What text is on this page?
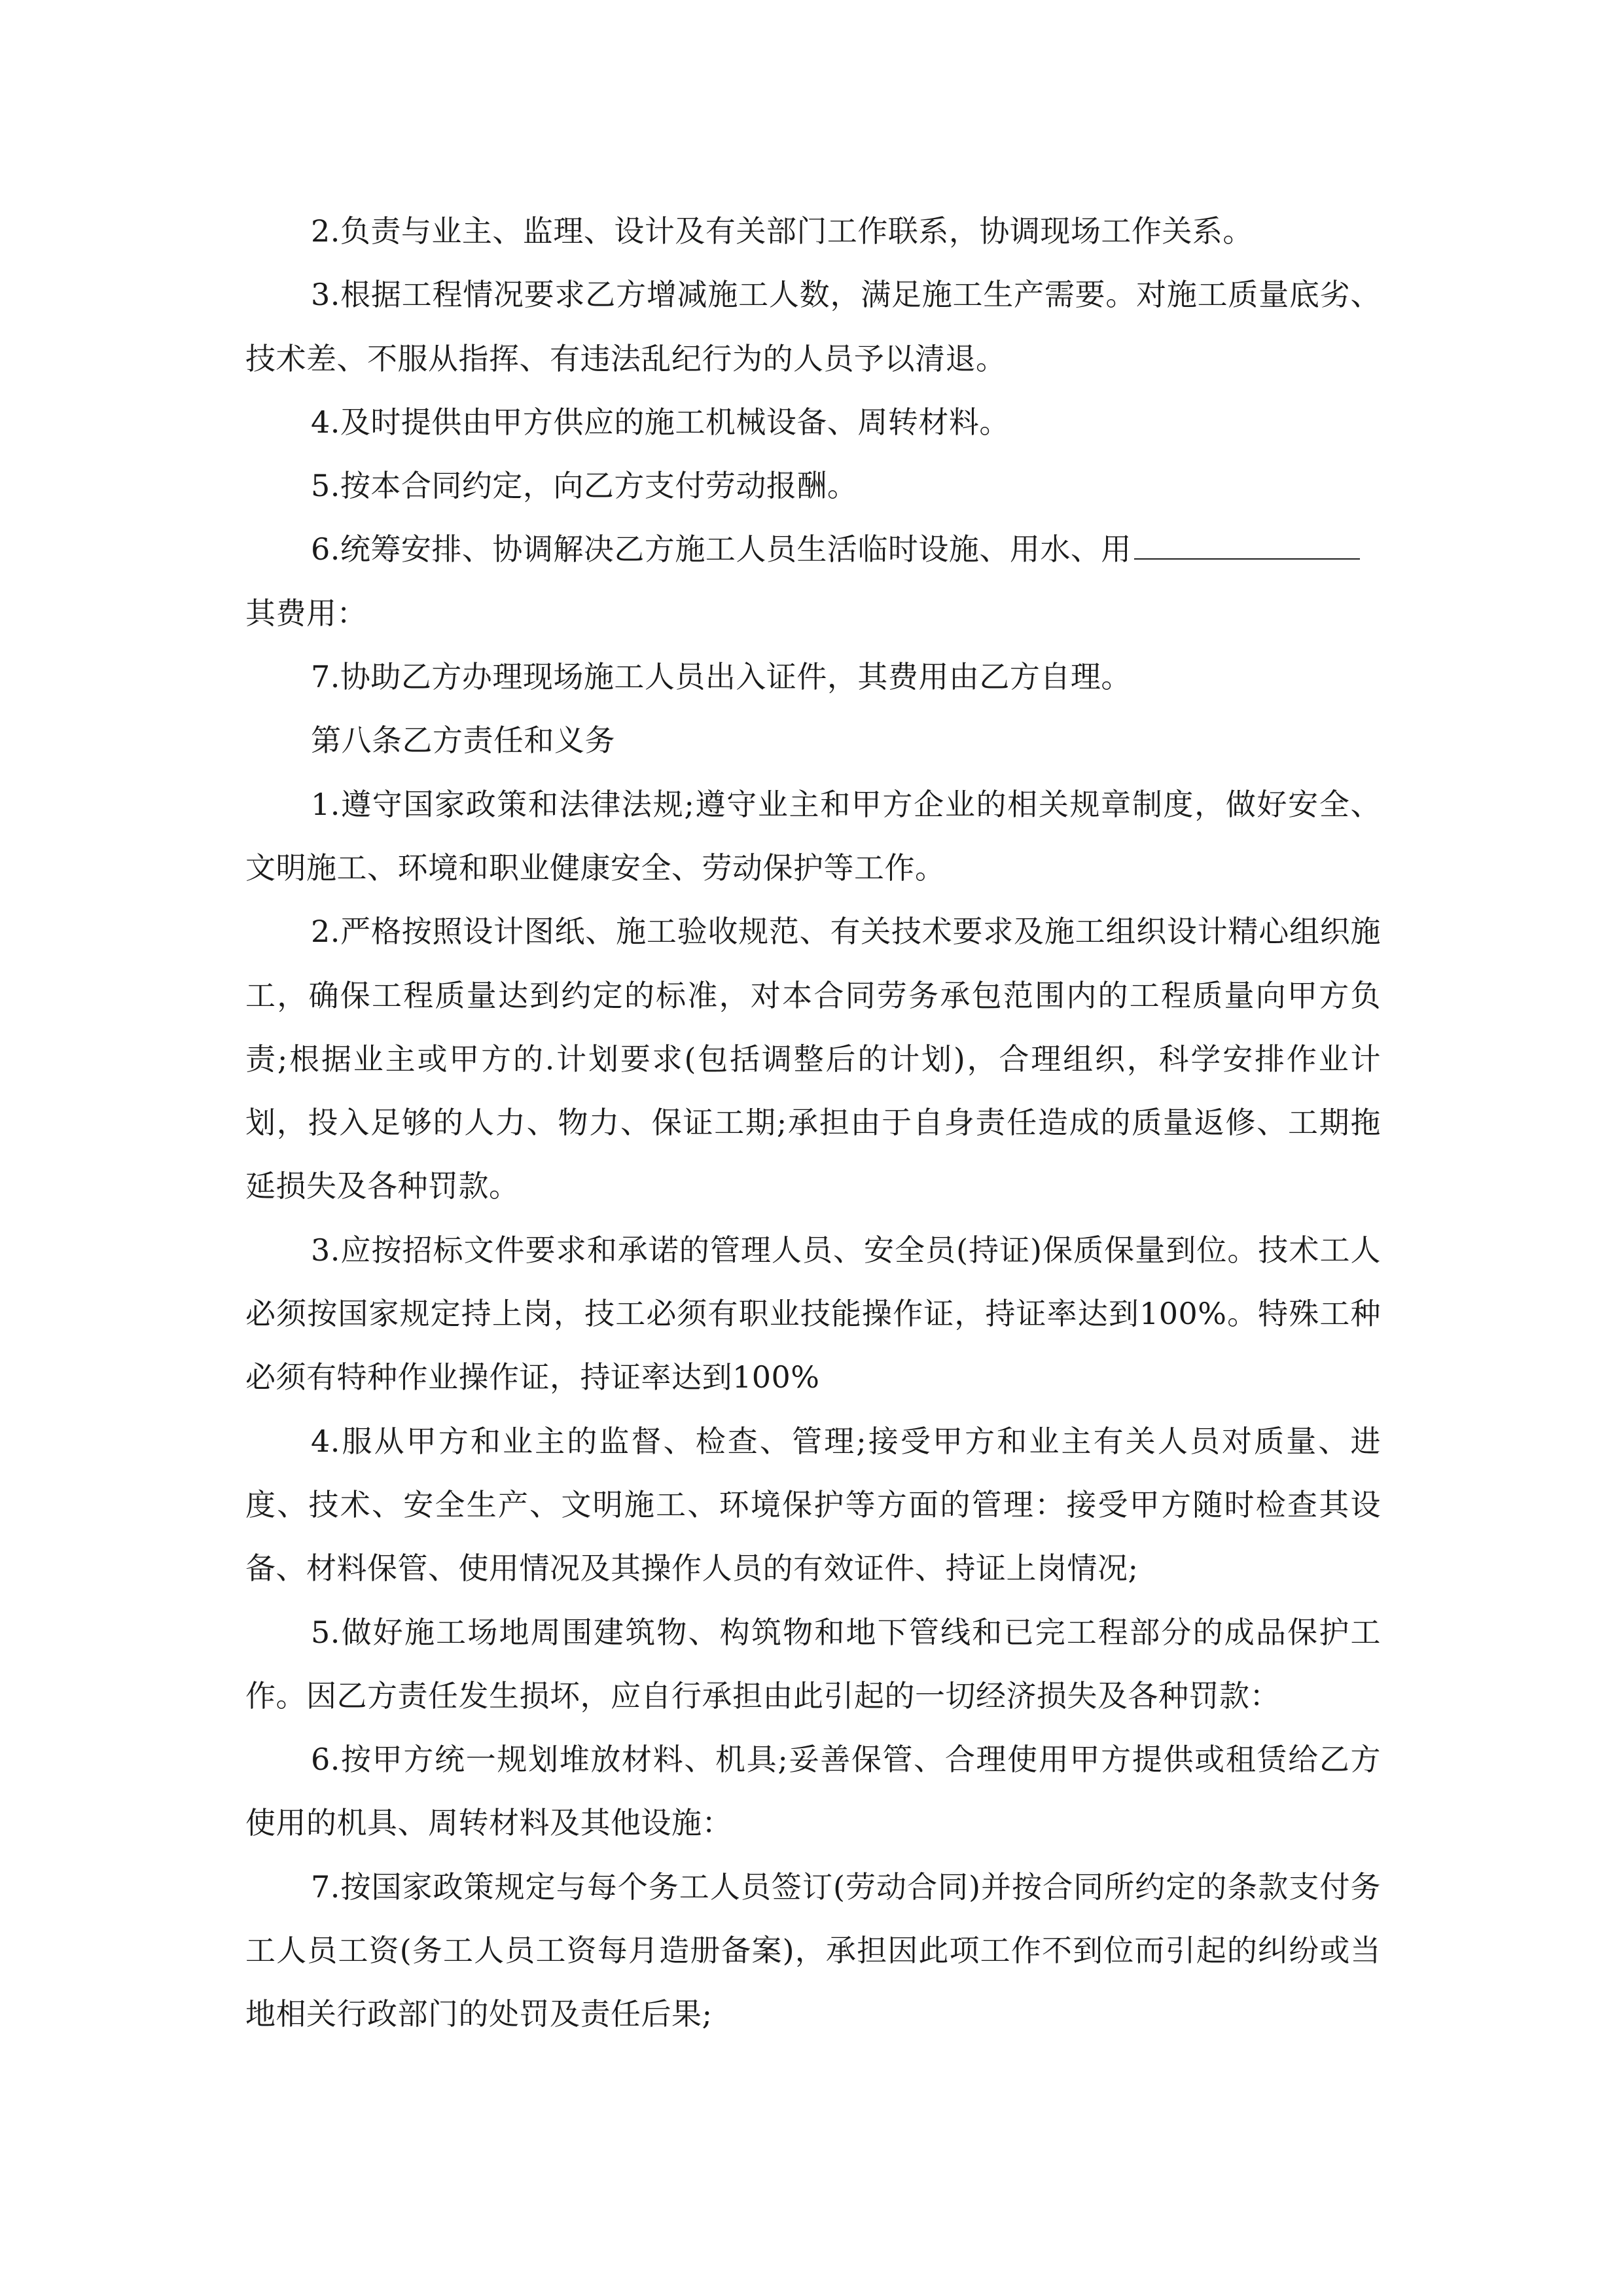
2.负责与业主、监理、设计及有关部门工作联系，协调现场工作关系。

3.根据工程情况要求乙方增减施工人数，满足施工生产需要。对施工质量底劣、技术差、不服从指挥、有违法乱纪行为的人员予以清退。

4.及时提供由甲方供应的施工机械设备、周转材料。

5.按本合同约定，向乙方支付劳动报酬。

6.统筹安排、协调解决乙方施工人员生活临时设施、用水、用

其费用：

7.协助乙方办理现场施工人员出入证件，其费用由乙方自理。

第八条乙方责任和义务

1.遵守国家政策和法律法规;遵守业主和甲方企业的相关规章制度，做好安全、文明施工、环境和职业健康安全、劳动保护等工作。

2.严格按照设计图纸、施工验收规范、有关技术要求及施工组织设计精心组织施工，确保工程质量达到约定的标准，对本合同劳务承包范围内的工程质量向甲方负责;根据业主或甲方的.计划要求(包括调整后的计划)，合理组织，科学安排作业计划，投入足够的人力、物力、保证工期;承担由于自身责任造成的质量返修、工期拖延损失及各种罚款。

3.应按招标文件要求和承诺的管理人员、安全员(持证)保质保量到位。技术工人必须按国家规定持上岗，技工必须有职业技能操作证，持证率达到100%。特殊工种必须有特种作业操作证，持证率达到100%

4.服从甲方和业主的监督、检查、管理;接受甲方和业主有关人员对质量、进度、技术、安全生产、文明施工、环境保护等方面的管理：接受甲方随时检查其设备、材料保管、使用情况及其操作人员的有效证件、持证上岗情况;

5.做好施工场地周围建筑物、构筑物和地下管线和已完工程部分的成品保护工作。因乙方责任发生损坏，应自行承担由此引起的一切经济损失及各种罚款：

6.按甲方统一规划堆放材料、机具;妥善保管、合理使用甲方提供或租赁给乙方使用的机具、周转材料及其他设施：

7.按国家政策规定与每个务工人员签订(劳动合同)并按合同所约定的条款支付务工人员工资(务工人员工资每月造册备案)，承担因此项工作不到位而引起的纠纷或当地相关行政部门的处罚及责任后果;
